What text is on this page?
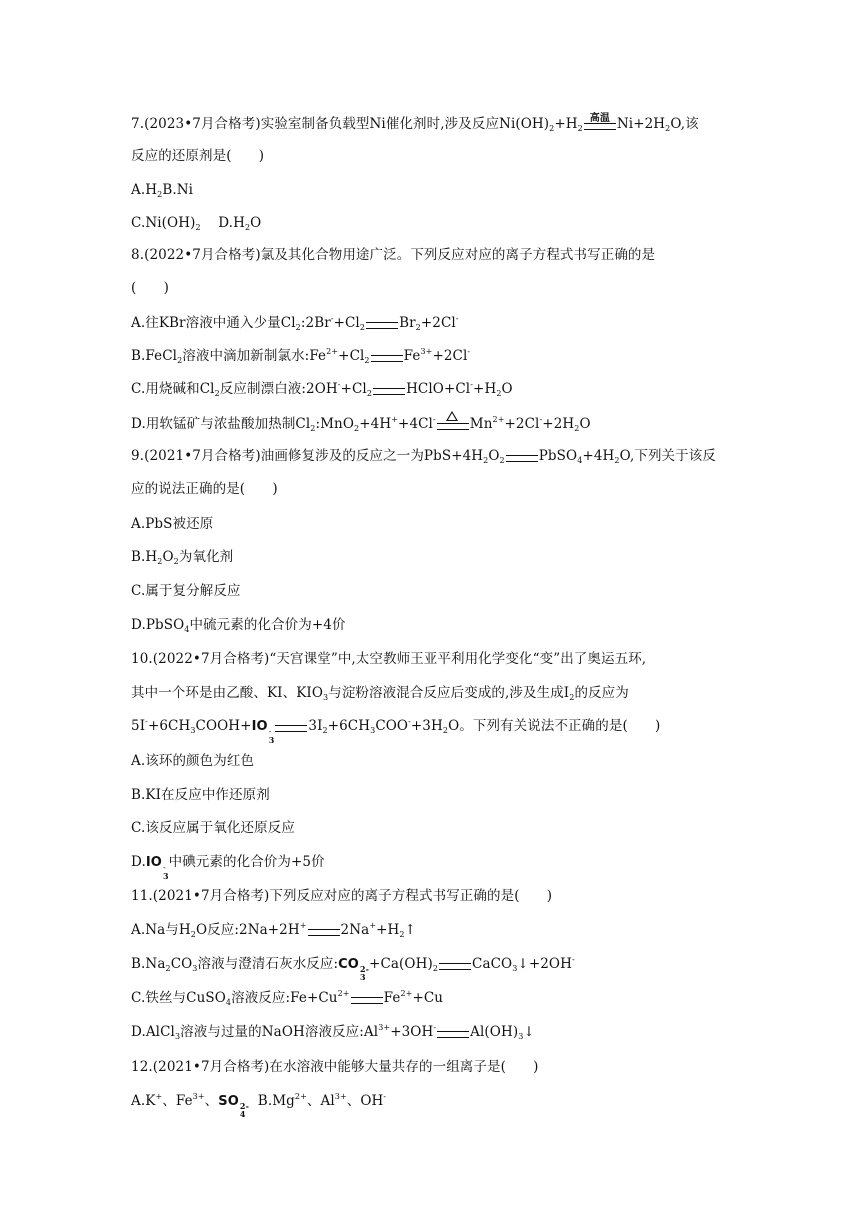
7.(2023•7月合格考)实验室制备负载型Ni催化剂时,涉及反应$Ni(OH)_2+H_2$
高温 $Ni+2H_2O$,该
反应的还原剂是(　　)
$A.H_2B.Ni$
$C.Ni(OH)_2$ $D.H_2O$
8.(2022•7月合格考)氯及其化合物用途广泛。下列反应对应的离子方程式书写正确的是
(　　)
A.往KBr溶液中通入少量$Cl_2:2Br^-+Cl_2$	$Br_2+2Cl^-$
B.FeCl$_2$溶液中滴加新制氯水$:Fe^{2+}+Cl_2$	$Fe^{3+}+2Cl^-$
C.用烧碱和$Cl_2$反应制漂白液$:2OH^-+Cl_2$	$HClO+Cl^-+H_2O$
D.用软锰矿与浓盐酸加热制$Cl_2:MnO_2+4H^++4Cl^-$	$Mn^{2+}+2Cl^-+2H_2O$
9.(2021•7月合格考)油画修复涉及的反应之一为$PbS+4H_2O_2$	$PbSO_4+4H_2O$,下列关于该反
应的说法正确的是(　　)
A.PbS被还原
$B.H_2O_2$为氧化剂
C.属于复分解反应
D.PbSO$_4$中硫元素的化合价为+4价
10.(2022•7月合格考)“天宫课堂”中,太空教师王亚平利用化学变化“变”出了奥运五环,
其中一个环是由乙酸、KI、$KIO_3$与淀粉溶液混合反应后变成的,涉及生成$I_2$的反应为
$5I^-+6CH_3COOH+IO$ -
3
$3I_2+6CH_3COO^-+3H_2O$。下列有关说法不正确的是(　　)
A.该环的颜色为红色
B.KI在反应中作还原剂
C.该反应属于氧化还原反应
D.IO -
3
中碘元素的化合价为+5价
11.(2021•7月合格考)下列反应对应的离子方程式书写正确的是(　　)
A.Na与$H_2O$反应:2Na+2H+	$2Na^++H_2↑$
$B.Na_2CO_3$溶液与澄清石灰水反应:CO 2-
3
$+Ca(OH)_2$	CaCO$_3$↓+2OH-
C.铁丝与CuSO$_4$溶液反应$:Fe+Cu^{2+}$	$Fe^{2+}+Cu$
D.AlCl$_3$溶液与过量的NaOH溶液反应$:Al^{3+}+3OH^-$	$Al(OH)_3↓$
12.(2021•7月合格考)在水溶液中能够大量共存的一组离子是(　　)
A.K+、$Fe^{3+}$、SO 2-
4
$B.Mg^{2+}$、$Al^{3+}$、OH-
